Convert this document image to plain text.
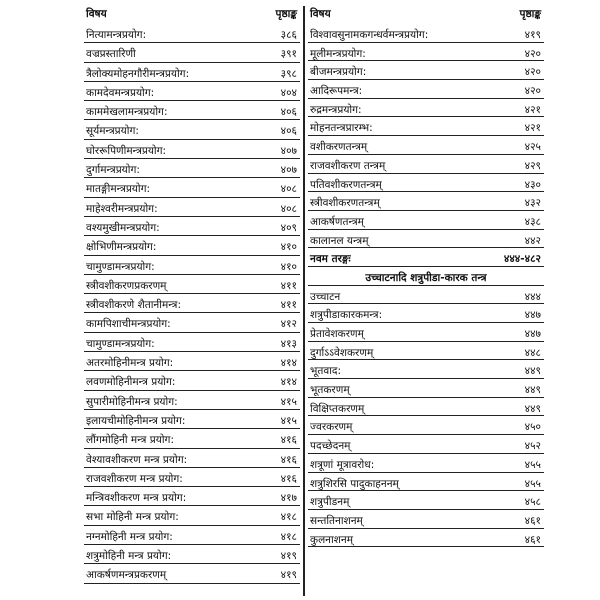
विषय	पृष्ठाङ्क
नित्यामन्त्रप्रयोग:	३८६
वज्रप्रस्तारिणी	३९१
त्रैलोक्यमोहनगौरीमन्त्रप्रयोग:	३९८
कामदेवमन्त्रप्रयोग:	४०४
काममेखलामन्त्रप्रयोग:	४०६
सूर्यमन्त्रप्रयोग:	४०६
घोररूपिणीमन्त्रप्रयोग:	४०७
दुर्गामन्त्रप्रयोग:	४०७
मातङ्गीमन्त्रप्रयोग:	४०८
माहेश्वरीमन्त्रप्रयोग:	४०८
वश्यमुखीमन्त्रप्रयोग:	४०९
क्षोभिणीमन्त्रप्रयोग:	४१०
चामुण्डामन्त्रप्रयोग:	४१०
स्त्रीवशीकरणप्रकरणम्	४११
स्त्रीवशीकरणे शैतानीमन्त्र:	४११
कामपिशाचीमन्त्रप्रयोग:	४१२
चामुण्डामन्त्रप्रयोग:	४१३
अतरमोहिनीमन्त्र प्रयोग:	४१४
लवणमोहिनीमन्त्र प्रयोग:	४१४
सुपारीमोहिनीमन्त्र प्रयोग:	४१५
इलायचीमोहिनीमन्त्र प्रयोग:	४१५
लौंगमोहिनी मन्त्र प्रयोग:	४१६
वेश्यावशीकरण मन्त्र प्रयोग:	४१६
राजवशीकरण मन्त्र प्रयोग:	४१६
मन्त्रिवशीकरण मन्त्र प्रयोग:	४१७
सभा मोहिनी मन्त्र प्रयोग:	४१८
नग्नमोहिनी मन्त्र प्रयोग:	४१८
शत्रुमोहिनी मन्त्र प्रयोग:	४१९
आकर्षणमन्त्रप्रकरणम्	४१९
विषय	पृष्ठाङ्क
विश्वावसुनामकगन्धर्वमन्त्रप्रयोग:	४१९
मूलीमन्त्रप्रयोग:	४२०
बीजमन्त्रप्रयोग:	४२०
आदिरूपमन्त्र:	४२०
रुद्रमन्त्रप्रयोग:	४२१
मोहनतन्त्रप्रारम्भ:	४२१
वशीकरणतन्त्रम्	४२५
राजवशीकरण तन्त्रम्	४२९
पतिवशीकरणतन्त्रम्	४३०
स्त्रीवशीकरणतन्त्रम्	४३२
आकर्षणतन्त्रम्	४३८
कालानल यन्त्रम्	४४२
नवम तरङ्गः	४४४-४८२
उच्चाटनादि शत्रुपीडा-कारक तन्त्र
उच्चाटन	४४४
शत्रुपीडाकारकमन्त्र:	४४७
प्रेतावेशकरणम्	४४७
दुर्गाऽऽवेशकरणम्	४४८
भूतवाद:	४४९
भूतकरणम्	४४९
विक्षिप्तकरणम्	४४९
ज्वरकरणम्	४५०
पदच्छेदनम्	४५२
शत्रूणां मूत्रावरोध:	४५५
शत्रुशिरसि पादुकाहननम्	४५५
शत्रुपीडनम्	४५८
सन्ततिनाशनम्	४६१
कुलनाशनम्	४६१
